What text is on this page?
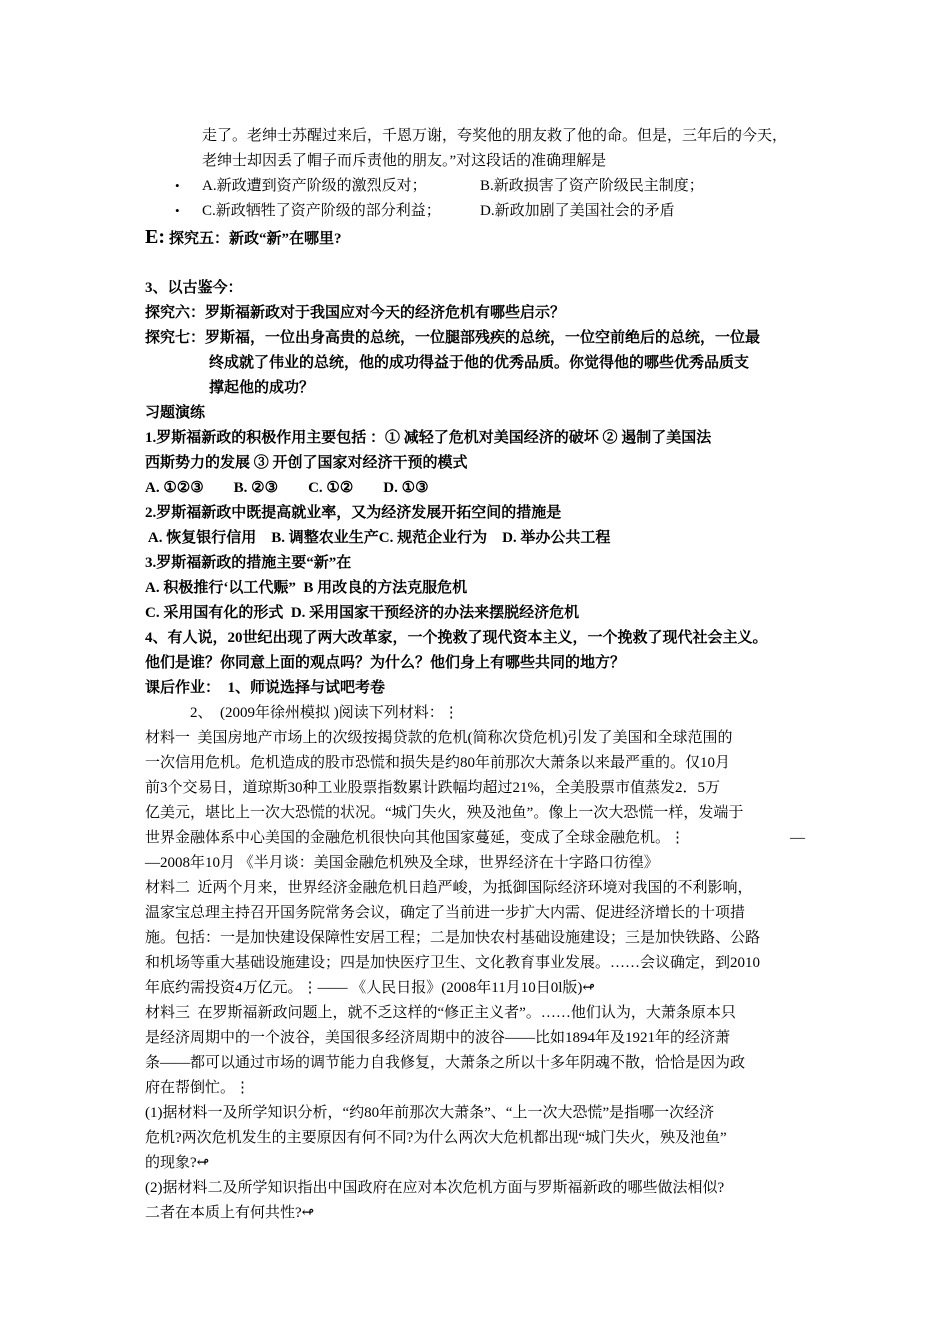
走了。老绅士苏醒过来后，千恩万谢，夸奖他的朋友救了他的命。但是，三年后的今天，
老绅士却因丢了帽子而斥责他的朋友。”对这段话的准确理解是
• A.新政遭到资产阶级的激烈反对；	B.新政损害了资产阶级民主制度；
• C.新政牺牲了资产阶级的部分利益；	D.新政加剧了美国社会的矛盾
E: 探究五：新政“新”在哪里?
3、以古鉴今：
探究六：罗斯福新政对于我国应对今天的经济危机有哪些启示？
探究七：罗斯福，一位出身高贵的总统，一位腿部残疾的总统，一位空前绝后的总统，一位最
终成就了伟业的总统，他的成功得益于他的优秀品质。你觉得他的哪些优秀品质支
撑起他的成功？
习题演练
1.罗斯福新政的积极作用主要包括 ：① 减轻了危机对美国经济的破坏 ② 遏制了美国法
西斯势力的发展 ③ 开创了国家对经济干预的模式
A. ①②③        B. ②③        C. ①②        D. ①③
2.罗斯福新政中既提高就业率，又为经济发展开拓空间的措施是
A. 恢复银行信用    B. 调整农业生产C. 规范企业行为    D. 举办公共工程
3.罗斯福新政的措施主要“新”在
A. 积极推行‘以工代赈”  B 用改良的方法克服危机
C. 采用国有化的形式  D. 采用国家干预经济的办法来摆脱经济危机
4、有人说，20世纪出现了两大改革家，一个挽救了现代资本主义，一个挽救了现代社会主义。
他们是谁？你同意上面的观点吗？为什么？他们身上有哪些共同的地方？
课后作业：  1、师说选择与试吧考卷
2、  (2009年徐州模拟 )阅读下列材料：⋮
材料一  美国房地产市场上的次级按揭贷款的危机(简称次贷危机)引发了美国和全球范围的
一次信用危机。危机造成的股市恐慌和损失是约80年前那次大萧条以来最严重的。仅10月
前3个交易日，道琼斯30种工业股票指数累计跌幅均超过21%，全美股票市值蒸发2．5万
亿美元，堪比上一次大恐慌的状况。“城门失火，殃及池鱼”。像上一次大恐慌一样，发端于
世界金融体系中心美国的金融危机很快向其他国家蔓延，变成了全球金融危机。⋮	—
—2008年10月 《半月谈：美国金融危机殃及全球，世界经济在十字路口彷徨》
材料二  近两个月来，世界经济金融危机日趋严峻，为抵御国际经济环境对我国的不利影响，
温家宝总理主持召开国务院常务会议，确定了当前进一步扩大内需、促进经济增长的十项措
施。包括：一是加快建设保障性安居工程；二是加快农村基础设施建设；三是加快铁路、公路
和机场等重大基础设施建设；四是加快医疗卫生、文化教育事业发展。……会议确定，到2010
年底约需投资4万亿元。⋮—— 《人民日报》(2008年11月10日0l版)↫
材料三  在罗斯福新政问题上，就不乏这样的“修正主义者”。……他们认为，大萧条原本只
是经济周期中的一个波谷，美国很多经济周期中的波谷——比如1894年及1921年的经济萧
条——都可以通过市场的调节能力自我修复，大萧条之所以十多年阴魂不散，恰恰是因为政
府在帮倒忙。⋮
(1)据材料一及所学知识分析，“约80年前那次大萧条”、“上一次大恐慌”是指哪一次经济
危机?两次危机发生的主要原因有何不同?为什么两次大危机都出现“城门失火，殃及池鱼”
的现象?↫
(2)据材料二及所学知识指出中国政府在应对本次危机方面与罗斯福新政的哪些做法相似?
二者在本质上有何共性?↫
